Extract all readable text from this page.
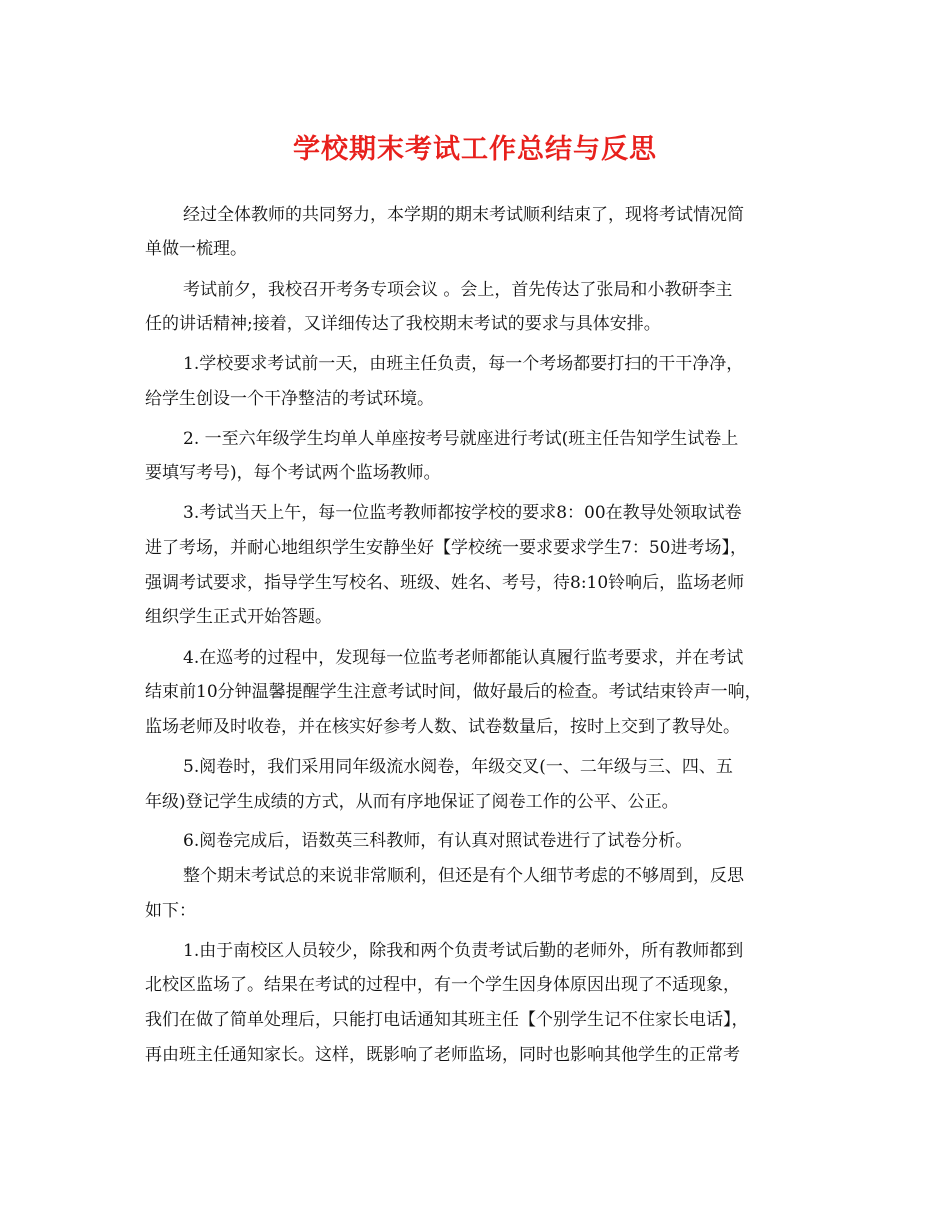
学校期末考试工作总结与反思
经过全体教师的共同努力，本学期的期末考试顺利结束了，现将考试情况简
单做一梳理。
考试前夕，我校召开考务专项会议 。会上，首先传达了张局和小教研李主
任的讲话精神;接着，又详细传达了我校期末考试的要求与具体安排。
1.学校要求考试前一天，由班主任负责，每一个考场都要打扫的干干净净，
给学生创设一个干净整洁的考试环境。
2. 一至六年级学生均单人单座按考号就座进行考试(班主任告知学生试卷上
要填写考号)，每个考试两个监场教师。
3.考试当天上午，每一位监考教师都按学校的要求8：00在教导处领取试卷
进了考场，并耐心地组织学生安静坐好【学校统一要求要求学生7：50进考场】，
强调考试要求，指导学生写校名、班级、姓名、考号，待8:10铃响后，监场老师
组织学生正式开始答题。
4.在巡考的过程中，发现每一位监考老师都能认真履行监考要求，并在考试
结束前10分钟温馨提醒学生注意考试时间，做好最后的检查。考试结束铃声一响，
监场老师及时收卷，并在核实好参考人数、试卷数量后，按时上交到了教导处。
5.阅卷时，我们采用同年级流水阅卷，年级交叉(一、二年级与三、四、五
年级)登记学生成绩的方式，从而有序地保证了阅卷工作的公平、公正。
6.阅卷完成后，语数英三科教师，有认真对照试卷进行了试卷分析。
整个期末考试总的来说非常顺利，但还是有个人细节考虑的不够周到，反思
如下：
1.由于南校区人员较少，除我和两个负责考试后勤的老师外，所有教师都到
北校区监场了。结果在考试的过程中，有一个学生因身体原因出现了不适现象，
我们在做了简单处理后，只能打电话通知其班主任【个别学生记不住家长电话】，
再由班主任通知家长。这样，既影响了老师监场，同时也影响其他学生的正常考
